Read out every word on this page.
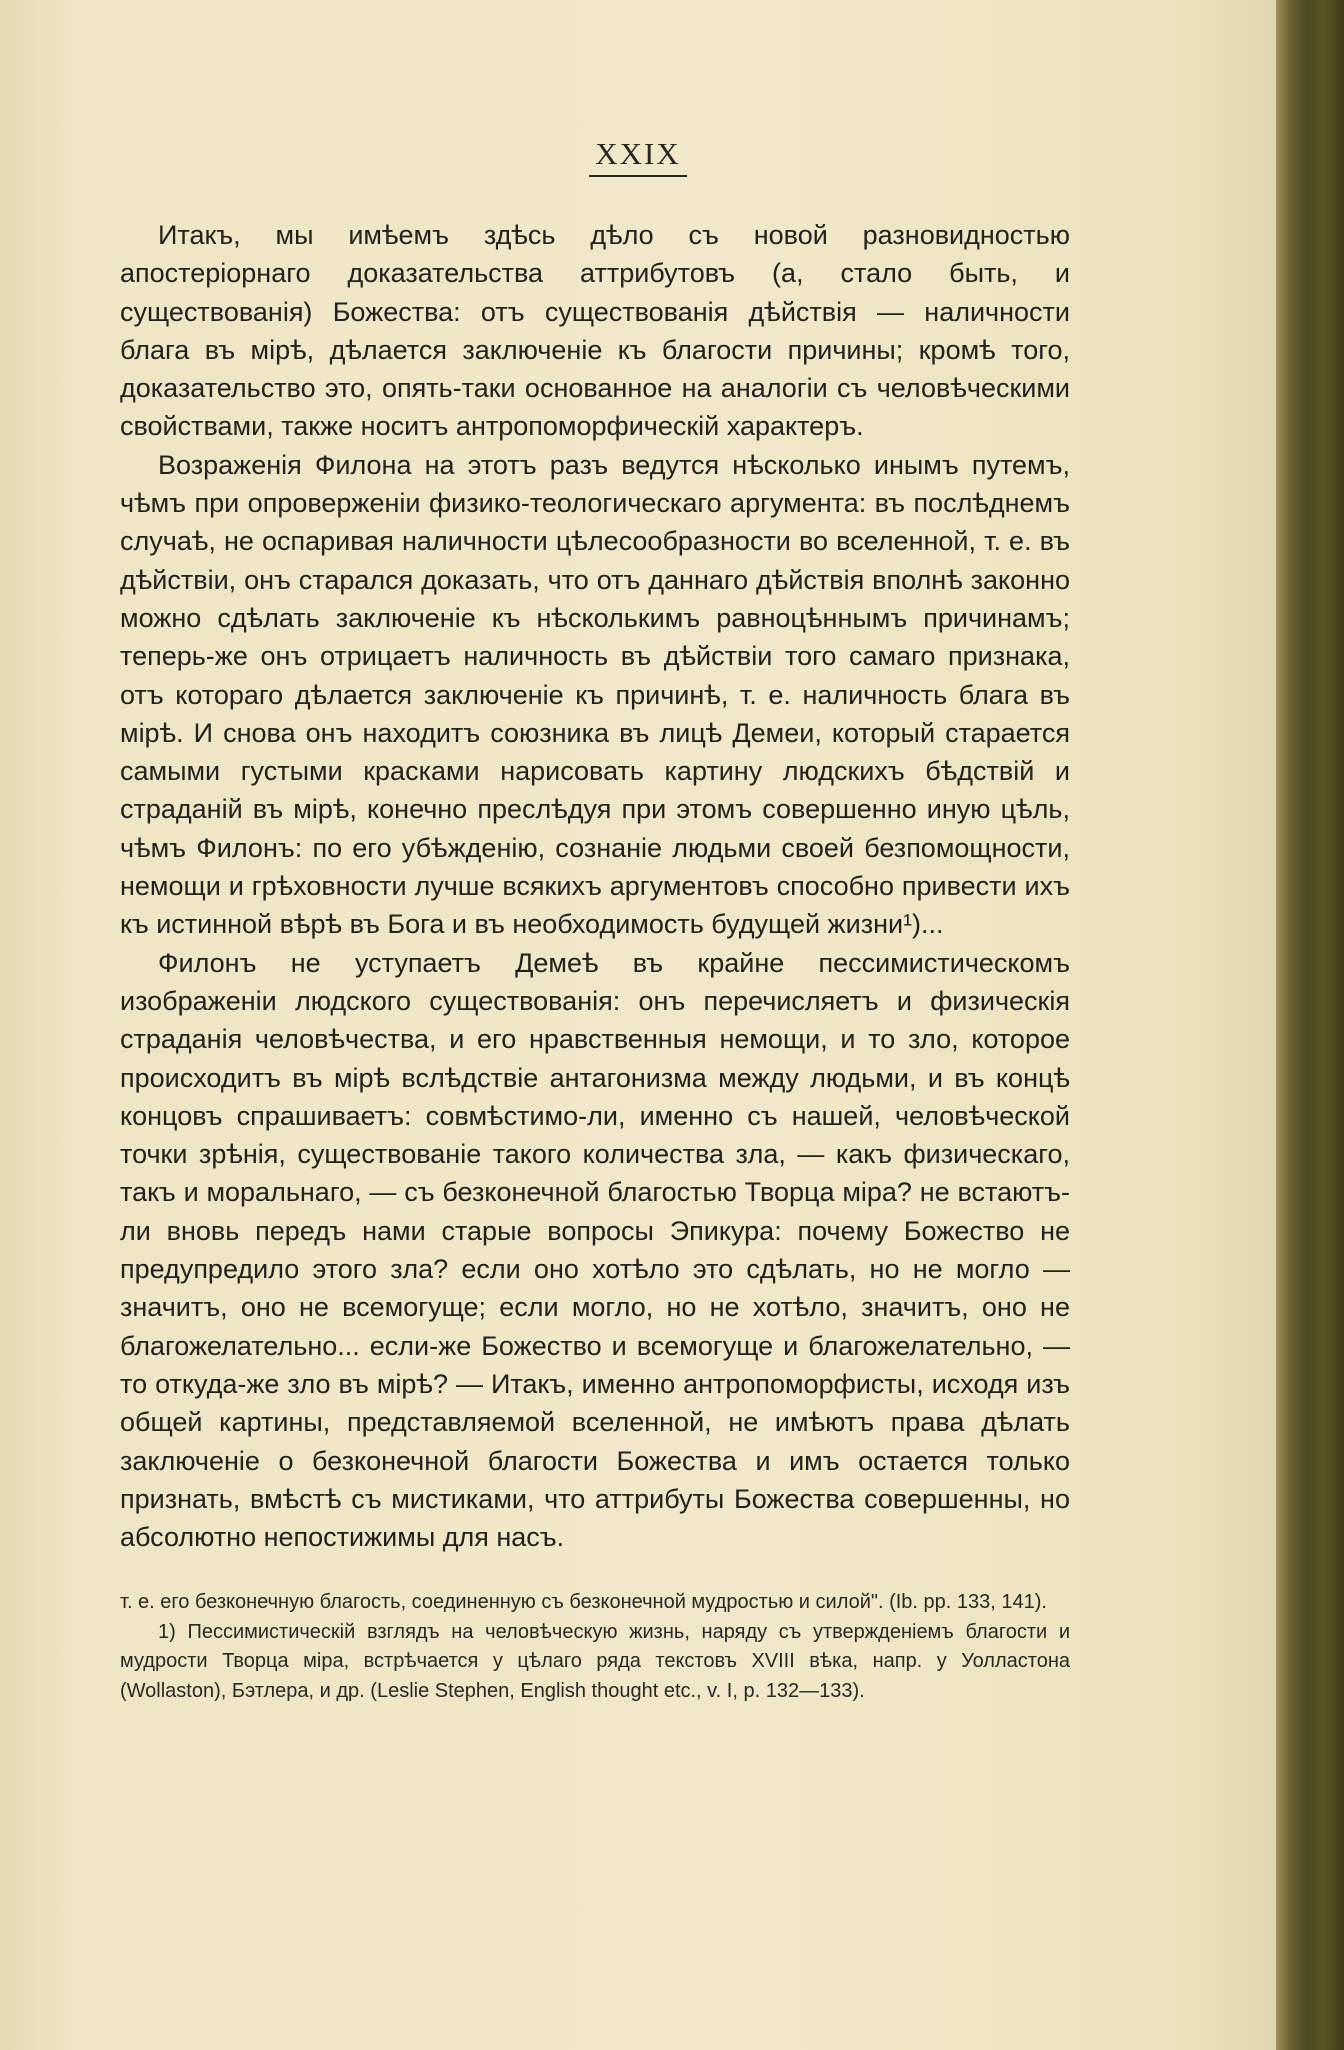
XXIX

Итакъ, мы имѣемъ здѣсь дѣло съ новой разновидностью апостеріорнаго доказательства аттрибутовъ (а, стало быть, и существованія) Божества: отъ существованія дѣйствія — наличности блага въ мірѣ, дѣлается заключеніе къ благости причины; кромѣ того, доказательство это, опять-таки основанное на аналогіи съ человѣческими свойствами, также носитъ антропоморфическій характеръ.

Возраженія Филона на этотъ разъ ведутся нѣсколько инымъ путемъ, чѣмъ при опроверженіи физико-теологическаго аргумента: въ послѣднемъ случаѣ, не оспаривая наличности цѣлесообразности во вселенной, т. е. въ дѣйствіи, онъ старался доказать, что отъ даннаго дѣйствія вполнѣ законно можно сдѣлать заключеніе къ нѣсколькимъ равноцѣннымъ причинамъ; теперь-же онъ отрицаетъ наличность въ дѣйствіи того самаго признака, отъ котораго дѣлается заключеніе къ причинѣ, т. е. наличность блага въ мірѣ. И снова онъ находитъ союзника въ лицѣ Демеи, который старается самыми густыми красками нарисовать картину людскихъ бѣдствій и страданій въ мірѣ, конечно преслѣдуя при этомъ совершенно иную цѣль, чѣмъ Филонъ: по его убѣжденію, сознаніе людьми своей безпомощности, немощи и грѣховности лучше всякихъ аргументовъ способно привести ихъ къ истинной вѣрѣ въ Бога и въ необходимость будущей жизни¹)...

Филонъ не уступаетъ Демеѣ въ крайне пессимистическомъ изображеніи людского существованія: онъ перечисляетъ и физическія страданія человѣчества, и его нравственныя немощи, и то зло, которое происходитъ въ мірѣ вслѣдствіе антагонизма между людьми, и въ концѣ концовъ спрашиваетъ: совмѣстимо-ли, именно съ нашей, человѣческой точки зрѣнія, существованіе такого количества зла, — какъ физическаго, такъ и моральнаго, — съ безконечной благостью Творца міра? не встаютъ-ли вновь передъ нами старые вопросы Эпикура: почему Божество не предупредило этого зла? если оно хотѣло это сдѣлать, но не могло — значитъ, оно не всемогуще; если могло, но не хотѣло, значитъ, оно не благожелательно... если-же Божество и всемогуще и благожелательно, — то откуда-же зло въ мірѣ? — Итакъ, именно антропоморфисты, исходя изъ общей картины, представляемой вселенной, не имѣютъ права дѣлать заключеніе о безконечной благости Божества и имъ остается только признать, вмѣстѣ съ мистиками, что аттрибуты Божества совершенны, но абсолютно непостижимы для насъ.

т. е. его безконечную благость, соединенную съ безконечной мудростью и силой". (Ib. pp. 133, 141).

1) Пессимистическій взглядъ на человѣческую жизнь, наряду съ утвержденіемъ благости и мудрости Творца міра, встрѣчается у цѣлаго ряда текстовъ XVIII вѣка, напр. у Уолластона (Wollaston), Бэтлера, и др. (Leslie Stephen, English thought etc., v. I, p. 132—133).
